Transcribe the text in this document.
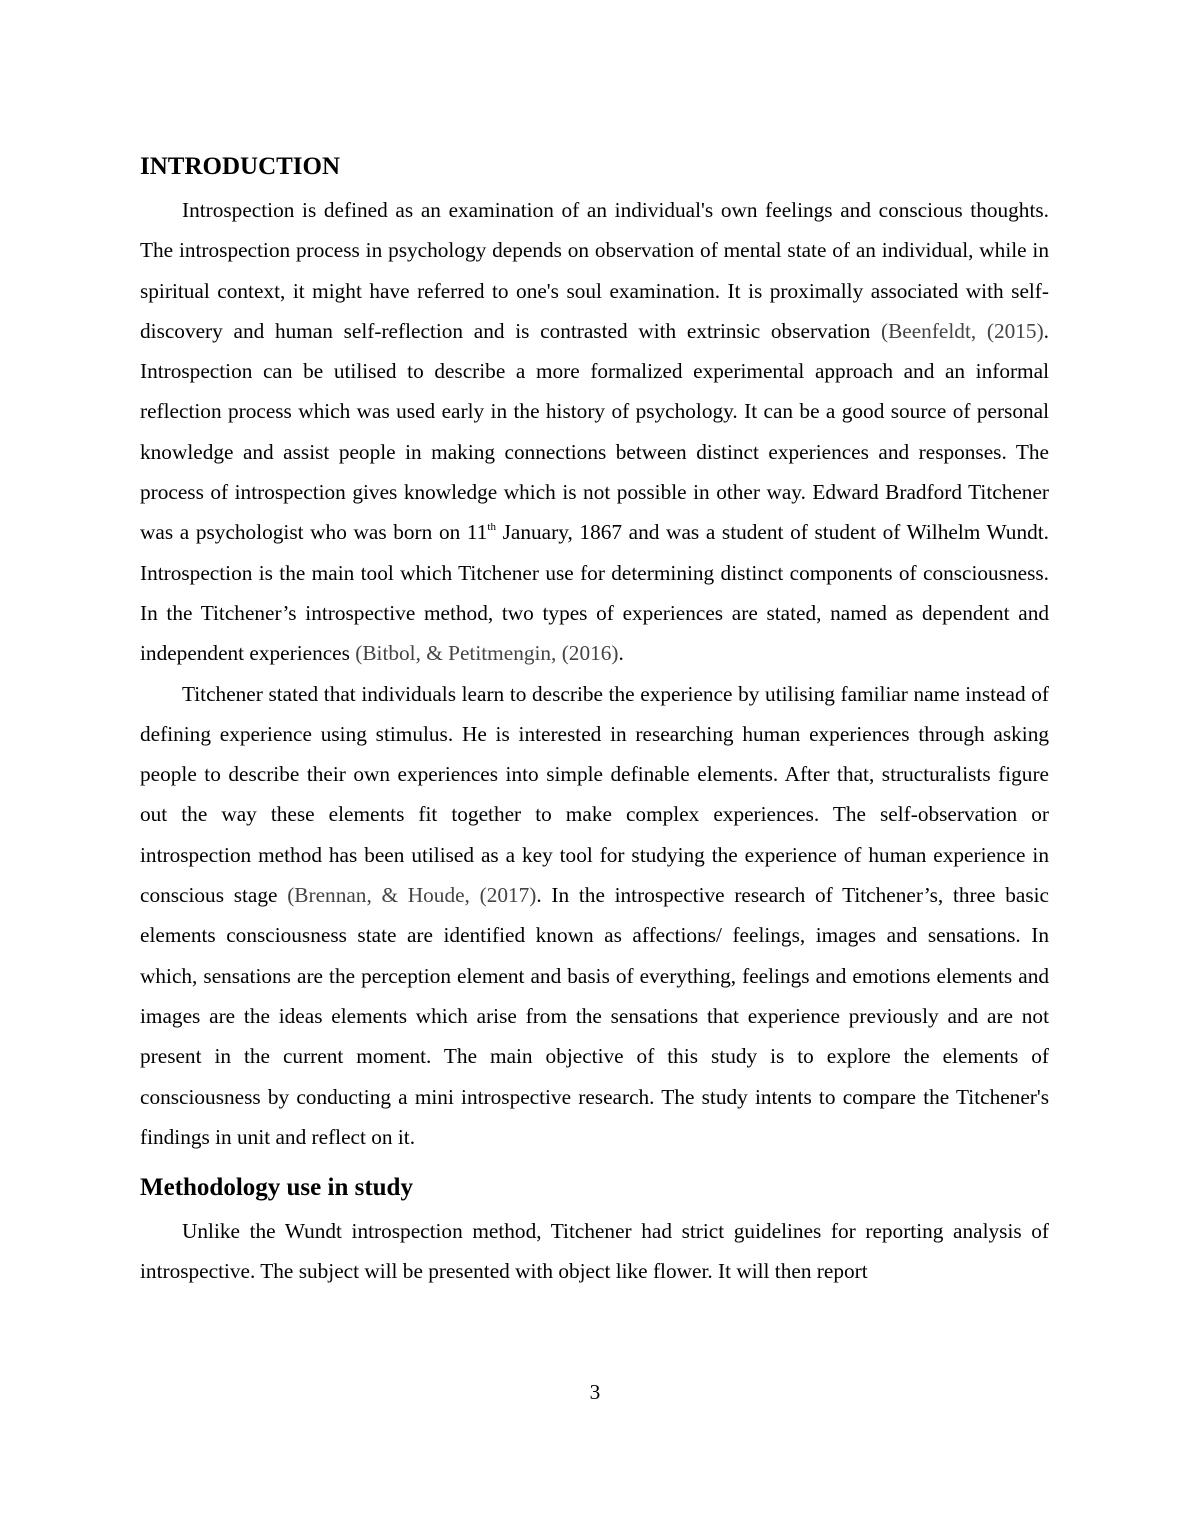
INTRODUCTION

Introspection is defined as an examination of an individual's own feelings and conscious thoughts. The introspection process in psychology depends on observation of mental state of an individual, while in spiritual context, it might have referred to one's soul examination. It is proximally associated with self-discovery and human self-reflection and is contrasted with extrinsic observation (Beenfeldt, (2015). Introspection can be utilised to describe a more formalized experimental approach and an informal reflection process which was used early in the history of psychology. It can be a good source of personal knowledge and assist people in making connections between distinct experiences and responses. The process of introspection gives knowledge which is not possible in other way. Edward Bradford Titchener was a psychologist who was born on 11th January, 1867 and was a student of student of Wilhelm Wundt. Introspection is the main tool which Titchener use for determining distinct components of consciousness. In the Titchener’s introspective method, two types of experiences are stated, named as dependent and independent experiences (Bitbol, & Petitmengin, (2016).

Titchener stated that individuals learn to describe the experience by utilising familiar name instead of defining experience using stimulus. He is interested in researching human experiences through asking people to describe their own experiences into simple definable elements. After that, structuralists figure out the way these elements fit together to make complex experiences. The self-observation or introspection method has been utilised as a key tool for studying the experience of human experience in conscious stage (Brennan, & Houde, (2017). In the introspective research of Titchener’s, three basic elements consciousness state are identified known as affections/ feelings, images and sensations. In which, sensations are the perception element and basis of everything, feelings and emotions elements and images are the ideas elements which arise from the sensations that experience previously and are not present in the current moment. The main objective of this study is to explore the elements of consciousness by conducting a mini introspective research. The study intents to compare the Titchener's findings in unit and reflect on it.

Methodology use in study

Unlike the Wundt introspection method, Titchener had strict guidelines for reporting analysis of introspective. The subject will be presented with object like flower. It will then report

3
